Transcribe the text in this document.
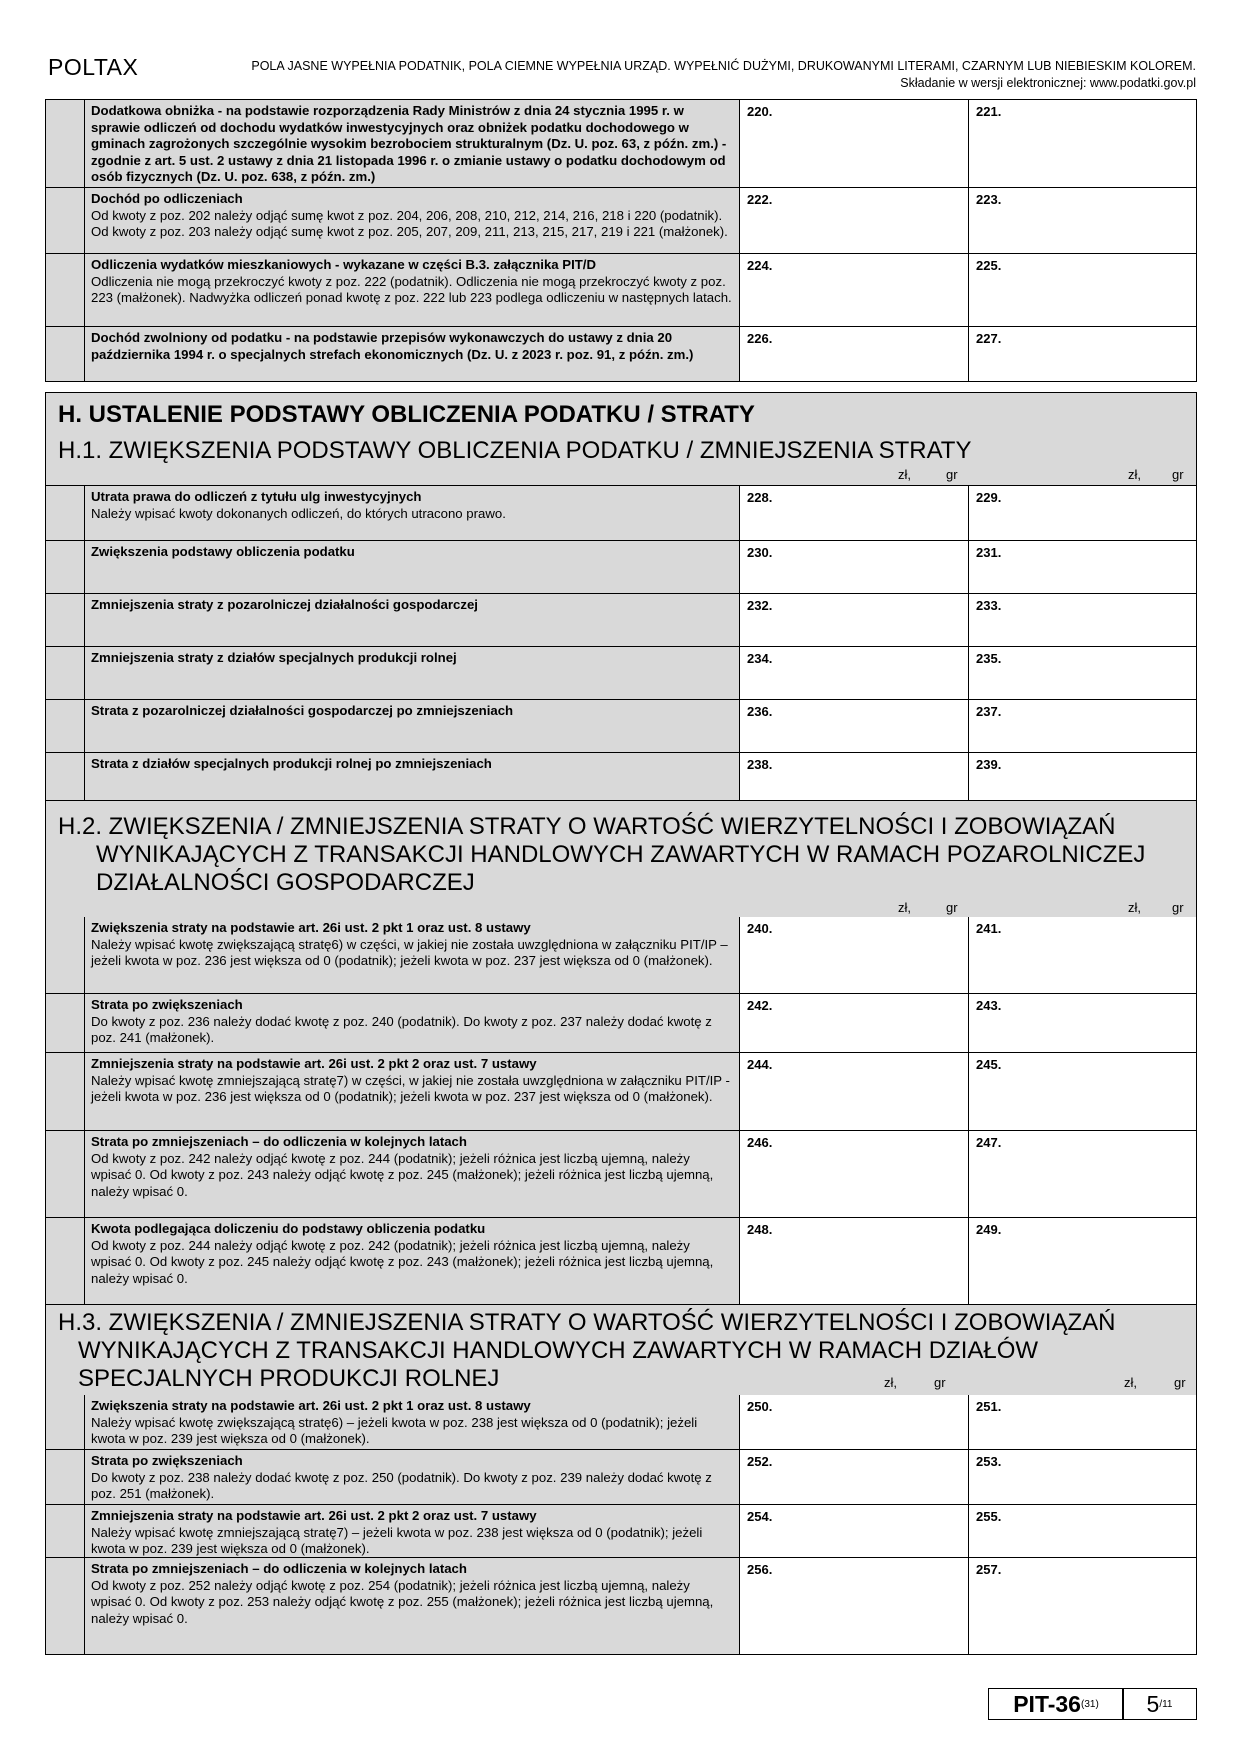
POLTAX	POLA JASNE WYPEŁNIA PODATNIK, POLA CIEMNE WYPEŁNIA URZĄD. WYPEŁNIĆ DUŻYMI, DRUKOWANYMI LITERAMI, CZARNYM LUB NIEBIESKIM KOLOREM.
Składanie w wersji elektronicznej: www.podatki.gov.pl
Dodatkowa obniżka - na podstawie rozporządzenia Rady Ministrów z dnia 24 stycznia 1995 r. w sprawie odliczeń od dochodu wydatków inwestycyjnych oraz obniżek podatku dochodowego w gminach zagrożonych szczególnie wysokim bezrobociem strukturalnym (Dz. U. poz. 63, z późn. zm.) - zgodnie z art. 5 ust. 2 ustawy z dnia 21 listopada 1996 r. o zmianie ustawy o podatku dochodowym od osób fizycznych (Dz. U. poz. 638, z późn. zm.)
220.	221.
Dochód po odliczeniach
Od kwoty z poz. 202 należy odjąć sumę kwot z poz. 204, 206, 208, 210, 212, 214, 216, 218 i 220 (podatnik). Od kwoty z poz. 203 należy odjąć sumę kwot z poz. 205, 207, 209, 211, 213, 215, 217, 219 i 221 (małżonek).
222.	223.
Odliczenia wydatków mieszkaniowych - wykazane w części B.3. załącznika PIT/D
Odliczenia nie mogą przekroczyć kwoty z poz. 222 (podatnik). Odliczenia nie mogą przekroczyć kwoty z poz. 223 (małżonek). Nadwyżka odliczeń ponad kwotę z poz. 222 lub 223 podlega odliczeniu w następnych latach.
224.	225.
Dochód zwolniony od podatku - na podstawie przepisów wykonawczych do ustawy z dnia 20 października 1994 r. o specjalnych strefach ekonomicznych (Dz. U. z 2023 r. poz. 91, z późn. zm.)
226.	227.
H. USTALENIE PODSTAWY OBLICZENIA PODATKU / STRATY
H.1. ZWIĘKSZENIA PODSTAWY OBLICZENIA PODATKU / ZMNIEJSZENIA STRATY
zł,	gr	zł, gr
Utrata prawa do odliczeń z tytułu ulg inwestycyjnych
Należy wpisać kwoty dokonanych odliczeń, do których utracono prawo.
228.	229.
Zwiększenia podstawy obliczenia podatku	230.	231.
Zmniejszenia straty z pozarolniczej działalności gospodarczej	232.	233.
Zmniejszenia straty z działów specjalnych produkcji rolnej	234.	235.
Strata z pozarolniczej działalności gospodarczej po zmniejszeniach	236.	237.
Strata z działów specjalnych produkcji rolnej po zmniejszeniach	238.	239.
H.2. ZWIĘKSZENIA / ZMNIEJSZENIA STRATY O WARTOŚĆ WIERZYTELNOŚCI I ZOBOWIĄZAŃ
WYNIKAJĄCYCH Z TRANSAKCJI HANDLOWYCH ZAWARTYCH W RAMACH POZAROLNICZEJ
DZIAŁALNOŚCI GOSPODARCZEJ
zł,	gr	zł, gr
Zwiększenia straty na podstawie art. 26i ust. 2 pkt 1 oraz ust. 8 ustawy
Należy wpisać kwotę zwiększającą stratę6) w części, w jakiej nie została uwzględniona w załączniku PIT/IP – jeżeli kwota w poz. 236 jest większa od 0 (podatnik); jeżeli kwota w poz. 237 jest większa od 0 (małżonek).
240.	241.
Strata po zwiększeniach
Do kwoty z poz. 236 należy dodać kwotę z poz. 240 (podatnik). Do kwoty z poz. 237 należy dodać kwotę z poz. 241 (małżonek).
242.	243.
Zmniejszenia straty na podstawie art. 26i ust. 2 pkt 2 oraz ust. 7 ustawy
Należy wpisać kwotę zmniejszającą stratę7) w części, w jakiej nie została uwzględniona w załączniku PIT/IP - jeżeli kwota w poz. 236 jest większa od 0 (podatnik); jeżeli kwota w poz. 237 jest większa od 0 (małżonek).
244.	245.
Strata po zmniejszeniach – do odliczenia w kolejnych latach
Od kwoty z poz. 242 należy odjąć kwotę z poz. 244 (podatnik); jeżeli różnica jest liczbą ujemną, należy wpisać 0. Od kwoty z poz. 243 należy odjąć kwotę z poz. 245 (małżonek); jeżeli różnica jest liczbą ujemną, należy wpisać 0.
246.	247.
Kwota podlegająca doliczeniu do podstawy obliczenia podatku
Od kwoty z poz. 244 należy odjąć kwotę z poz. 242 (podatnik); jeżeli różnica jest liczbą ujemną, należy wpisać 0. Od kwoty z poz. 245 należy odjąć kwotę z poz. 243 (małżonek); jeżeli różnica jest liczbą ujemną, należy wpisać 0.
248.	249.
H.3. ZWIĘKSZENIA / ZMNIEJSZENIA STRATY O WARTOŚĆ WIERZYTELNOŚCI I ZOBOWIĄZAŃ
WYNIKAJĄCYCH Z TRANSAKCJI HANDLOWYCH ZAWARTYCH W RAMACH DZIAŁÓW
SPECJALNYCH PRODUKCJI ROLNEJ	zł,	gr	zł,	gr
Zwiększenia straty na podstawie art. 26i ust. 2 pkt 1 oraz ust. 8 ustawy
Należy wpisać kwotę zwiększającą stratę6) – jeżeli kwota w poz. 238 jest większa od 0 (podatnik); jeżeli kwota w poz. 239 jest większa od 0 (małżonek).
250.	251.
Strata po zwiększeniach
Do kwoty z poz. 238 należy dodać kwotę z poz. 250 (podatnik). Do kwoty z poz. 239 należy dodać kwotę z poz. 251 (małżonek).
252.	253.
Zmniejszenia straty na podstawie art. 26i ust. 2 pkt 2 oraz ust. 7 ustawy
Należy wpisać kwotę zmniejszającą stratę7) – jeżeli kwota w poz. 238 jest większa od 0 (podatnik); jeżeli kwota w poz. 239 jest większa od 0 (małżonek).
254.	255.
Strata po zmniejszeniach – do odliczenia w kolejnych latach
Od kwoty z poz. 252 należy odjąć kwotę z poz. 254 (podatnik); jeżeli różnica jest liczbą ujemną, należy wpisać 0. Od kwoty z poz. 253 należy odjąć kwotę z poz. 255 (małżonek); jeżeli różnica jest liczbą ujemną, należy wpisać 0.
256.	257.
PIT-36 (31) 5 /11
